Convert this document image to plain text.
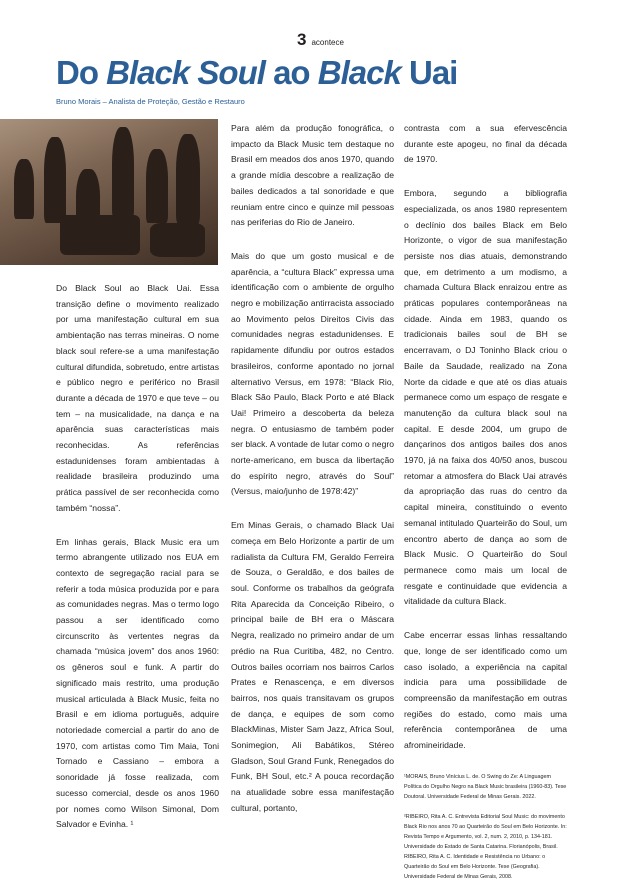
3 acontece
Do Black Soul ao Black Uai
Bruno Morais – Analista de Proteção, Gestão e Restauro

Do Black Soul ao Black Uai. Essa transição define o movimento realizado por uma manifestação cultural em sua ambientação nas terras mineiras. O nome black soul refere-se a uma manifestação cultural difundida, sobretudo, entre artistas e público negro e periférico no Brasil durante a década de 1970 e que teve – ou tem – na musicalidade, na dança e na aparência suas características mais reconhecidas. As referências estadunidenses foram ambientadas à realidade brasileira produzindo uma prática passível de ser reconhecida como também “nossa”.

Em linhas gerais, Black Music era um termo abrangente utilizado nos EUA em contexto de segregação racial para se referir a toda música produzida por e para as comunidades negras. Mas o termo logo passou a ser identificado como circunscrito às vertentes negras da chamada “música jovem” dos anos 1960: os gêneros soul e funk. A partir do significado mais restrito, uma produção musical articulada à Black Music, feita no Brasil e em idioma português, adquire notoriedade comercial a partir do ano de 1970, com artistas como Tim Maia, Toni Tornado e Cassiano – embora a sonoridade já fosse realizada, com sucesso comercial, desde os anos 1960 por nomes como Wilson Simonal, Dom Salvador e Evinha. ¹

Para além da produção fonográfica, o impacto da Black Music tem destaque no Brasil em meados dos anos 1970, quando a grande mídia descobre a realização de bailes dedicados a tal sonoridade e que reuniam entre cinco e quinze mil pessoas nas periferias do Rio de Janeiro.

Mais do que um gosto musical e de aparência, a “cultura Black” expressa uma identificação com o ambiente de orgulho negro e mobilização antirracista associado ao Movimento pelos Direitos Civis das comunidades negras estadunidenses. E rapidamente difundiu por outros estados brasileiros, conforme apontado no jornal alternativo Versus, em 1978: “Black Rio, Black São Paulo, Black Porto e até Black Uai! Primeiro a descoberta da beleza negra. O entusiasmo de também poder ser black. A vontade de lutar como o negro norte-americano, em busca da libertação do espírito negro, através do Soul” (Versus, maio/junho de 1978:42)”

Em Minas Gerais, o chamado Black Uai começa em Belo Horizonte a partir de um radialista da Cultura FM, Geraldo Ferreira de Souza, o Geraldão, e dos bailes de soul. Conforme os trabalhos da geógrafa Rita Aparecida da Conceição Ribeiro, o principal baile de BH era o Máscara Negra, realizado no primeiro andar de um prédio na Rua Curitiba, 482, no Centro. Outros bailes ocorriam nos bairros Carlos Prates e Renascença, e em diversos bairros, nos quais transitavam os grupos de dança, e equipes de som como BlackMinas, Mister Sam Jazz, Africa Soul, Sonimegion, Ali Babátikos, Stéreo Gladson, Soul Grand Funk, Renegados do Funk, BH Soul, etc.² A pouca recordação na atualidade sobre essa manifestação cultural, portanto,

contrasta com a sua efervescência durante este apogeu, no final da década de 1970.

Embora, segundo a bibliografia especializada, os anos 1980 representem o declínio dos bailes Black em Belo Horizonte, o vigor de sua manifestação persiste nos dias atuais, demonstrando que, em detrimento a um modismo, a chamada Cultura Black enraizou entre as práticas populares contemporâneas na cidade. Ainda em 1983, quando os tradicionais bailes soul de BH se encerravam, o DJ Toninho Black criou o Baile da Saudade, realizado na Zona Norte da cidade e que até os dias atuais permanece como um espaço de resgate e manutenção da cultura black soul na capital. E desde 2004, um grupo de dançarinos dos antigos bailes dos anos 1970, já na faixa dos 40/50 anos, buscou retomar a atmosfera do Black Uai através da apropriação das ruas do centro da capital mineira, constituindo o evento semanal intitulado Quarteirão do Soul, um encontro aberto de dança ao som de Black Music. O Quarteirão do Soul permanece como mais um local de resgate e continuidade que evidencia a vitalidade da cultura Black.

Cabe encerrar essas linhas ressaltando que, longe de ser identificado como um caso isolado, a experiência na capital indicia para uma possibilidade de compreensão da manifestação em outras regiões do estado, como mais uma referência contemporânea de uma afromineiridade.

¹MORAIS, Bruno Vinícius L. de. O Swing do Ze: A Linguagem Política do Orgulho Negro na Black Music brasileira (1960-83). Tese Doutoral. Universidade Federal de Minas Gerais. 2022.

²RIBEIRO, Rita A. C. Entrevista Editorial Soul Music: do movimento Black Rio nos anos 70 ao Quarteirão do Soul em Belo Horizonte. In: Revista Tempo e Argumento, vol. 2, num. 2, 2010, p. 134-181. Universidade do Estado de Santa Catarina. Florianópolis, Brasil. RIBEIRO, Rita A. C. Identidade e Resistência no Urbano: o Quarteirão do Soul em Belo Horizonte. Tese (Geografia). Universidade Federal de Minas Gerais, 2008.
